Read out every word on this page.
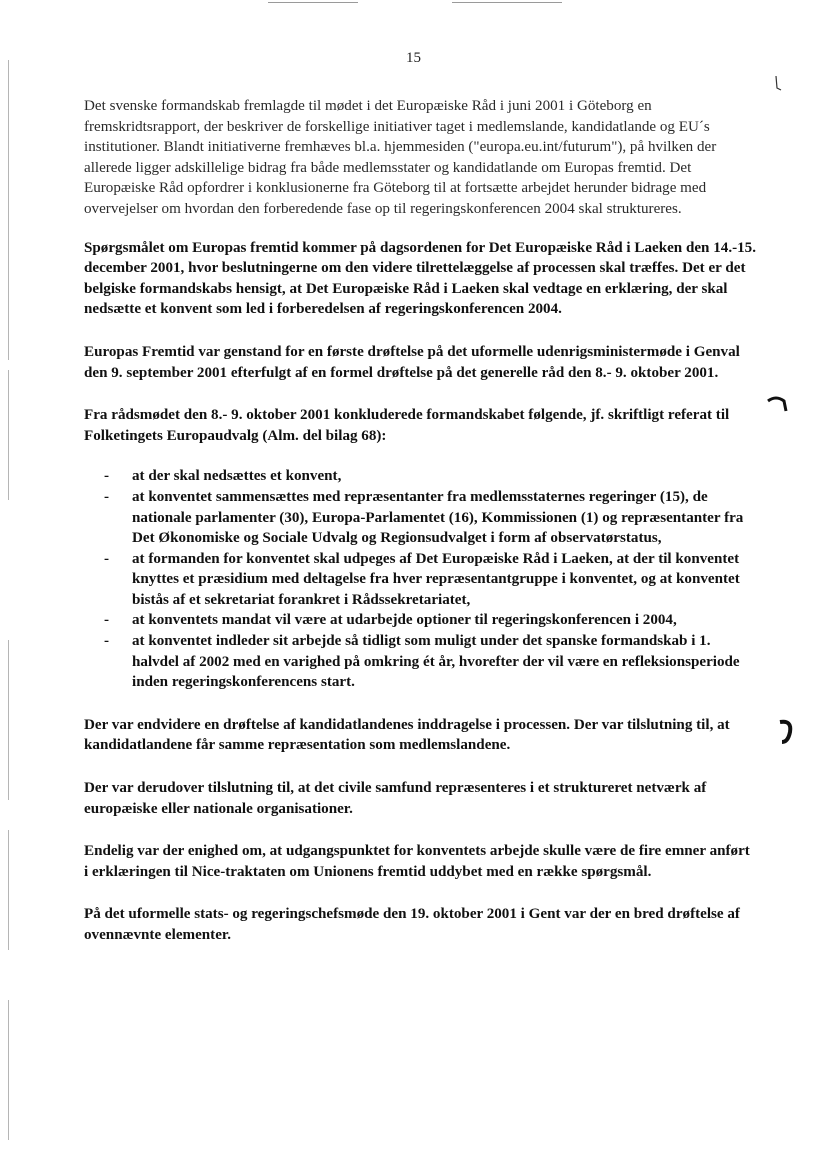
15

Det svenske formandskab fremlagde til mødet i det Europæiske Råd i juni 2001 i Göteborg en fremskridtsrapport, der beskriver de forskellige initiativer taget i medlemslande, kandidatlande og EU´s institutioner. Blandt initiativerne fremhæves bl.a. hjemmesiden ("europa.eu.int/futurum"), på hvilken der allerede ligger adskillelige bidrag fra både medlemsstater og kandidatlande om Europas fremtid. Det Europæiske Råd opfordrer i konklusionerne fra Göteborg til at fortsætte arbejdet herunder bidrage med overvejelser om hvordan den forberedende fase op til regeringskonferencen 2004 skal struktureres.

Spørgsmålet om Europas fremtid kommer på dagsordenen for Det Europæiske Råd i Laeken den 14.-15. december 2001, hvor beslutningerne om den videre tilrettelæggelse af processen skal træffes. Det er det belgiske formandskabs hensigt, at Det Europæiske Råd i Laeken skal vedtage en erklæring, der skal nedsætte et konvent som led i forberedelsen af regeringskonferencen 2004.

Europas Fremtid var genstand for en første drøftelse på det uformelle udenrigsministermøde i Genval den 9. september 2001 efterfulgt af en formel drøftelse på det generelle råd den 8.- 9. oktober 2001.

Fra rådsmødet den 8.- 9. oktober 2001 konkluderede formandskabet følgende, jf. skriftligt referat til Folketingets Europaudvalg (Alm. del bilag 68):

- at der skal nedsættes et konvent,
- at konventet sammensættes med repræsentanter fra medlemsstaternes regeringer (15), de nationale parlamenter (30), Europa-Parlamentet (16), Kommissionen (1) og repræsentanter fra Det Økonomiske og Sociale Udvalg og Regionsudvalget i form af observatørstatus,
- at formanden for konventet skal udpeges af Det Europæiske Råd i Laeken, at der til konventet knyttes et præsidium med deltagelse fra hver repræsentantgruppe i konventet, og at konventet bistås af et sekretariat forankret i Rådssekretariatet,
- at konventets mandat vil være at udarbejde optioner til regeringskonferencen i 2004,
- at konventet indleder sit arbejde så tidligt som muligt under det spanske formandskab i 1. halvdel af 2002 med en varighed på omkring ét år, hvorefter der vil være en refleksionsperiode inden regeringskonferencens start.

Der var endvidere en drøftelse af kandidatlandenes inddragelse i processen. Der var tilslutning til, at kandidatlandene får samme repræsentation som medlemslandene.

Der var derudover tilslutning til, at det civile samfund repræsenteres i et struktureret netværk af europæiske eller nationale organisationer.

Endelig var der enighed om, at udgangspunktet for konventets arbejde skulle være de fire emner anført i erklæringen til Nice-traktaten om Unionens fremtid uddybet med en række spørgsmål.

På det uformelle stats- og regeringschefsmøde den 19. oktober 2001 i Gent var der en bred drøftelse af ovennævnte elementer.
